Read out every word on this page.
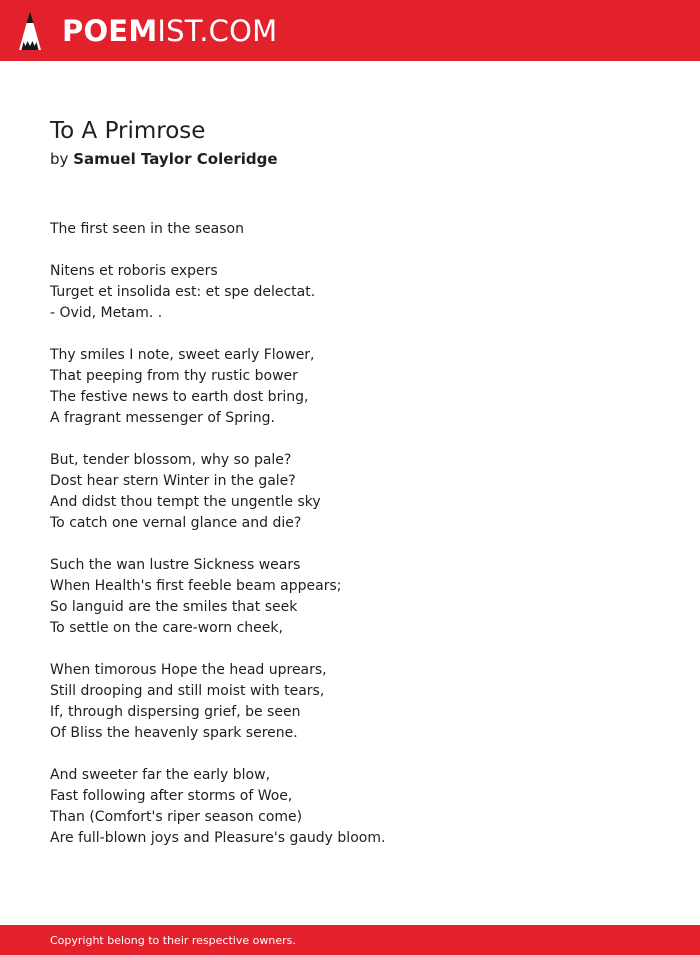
POEMIST.COM
To A Primrose
by Samuel Taylor Coleridge
The first seen in the season
Nitens et roboris expers
Turget et insolida est: et spe delectat.
- Ovid, Metam. .
Thy smiles I note, sweet early Flower,
That peeping from thy rustic bower
The festive news to earth dost bring,
A fragrant messenger of Spring.
But, tender blossom, why so pale?
Dost hear stern Winter in the gale?
And didst thou tempt the ungentle sky
To catch one vernal glance and die?
Such the wan lustre Sickness wears
When Health's first feeble beam appears;
So languid are the smiles that seek
To settle on the care-worn cheek,
When timorous Hope the head uprears,
Still drooping and still moist with tears,
If, through dispersing grief, be seen
Of Bliss the heavenly spark serene.
And sweeter far the early blow,
Fast following after storms of Woe,
Than (Comfort's riper season come)
Are full-blown joys and Pleasure's gaudy bloom.
Copyright belong to their respective owners.
